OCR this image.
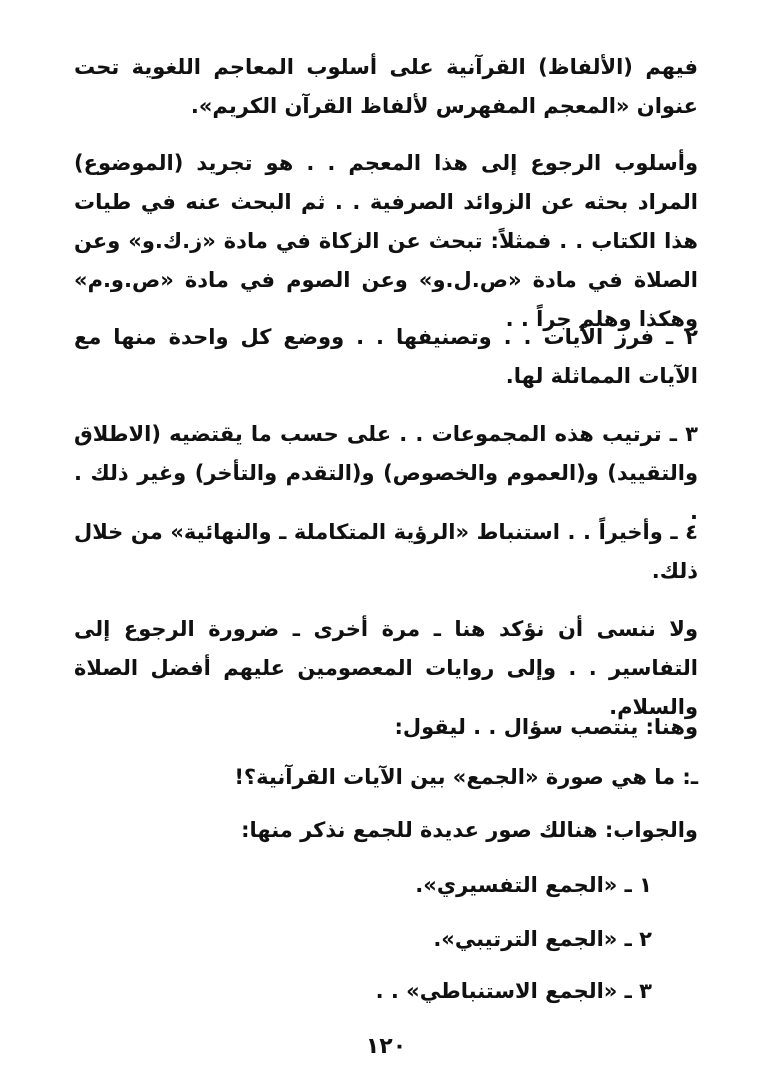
فيهم (الألفاظ) القرآنية على أسلوب المعاجم اللغوية تحت عنوان «المعجم المفهرس لألفاظ القرآن الكريم».

وأسلوب الرجوع إلى هذا المعجم . . هو تجريد (الموضوع) المراد بحثه عن الزوائد الصرفية . . ثم البحث عنه في طيات هذا الكتاب . . فمثلاً: تبحث عن الزكاة في مادة «ز.ك.و» وعن الصلاة في مادة «ص.ل.و» وعن الصوم في مادة «ص.و.م» وهكذا وهلم جراً . .

٢ ـ فرز الآيات . . وتصنيفها . . ووضع كل واحدة منها مع الآيات المماثلة لها.

٣ ـ ترتيب هذه المجموعات . . على حسب ما يقتضيه (الاطلاق والتقييد) و(العموم والخصوص) و(التقدم والتأخر) وغير ذلك . .

٤ ـ وأخيراً . . استنباط «الرؤية المتكاملة ـ والنهائية» من خلال ذلك.

ولا ننسى أن نؤكد هنا ـ مرة أخرى ـ ضرورة الرجوع إلى التفاسير . . وإلى روايات المعصومين عليهم أفضل الصلاة والسلام.

وهنا: ينتصب سؤال . . ليقول:

ـ: ما هي صورة «الجمع» بين الآيات القرآنية؟!

والجواب: هنالك صور عديدة للجمع نذكر منها:

١ ـ «الجمع التفسيري».

٢ ـ «الجمع الترتيبي».

٣ ـ «الجمع الاستنباطي» . .

١٢٠
